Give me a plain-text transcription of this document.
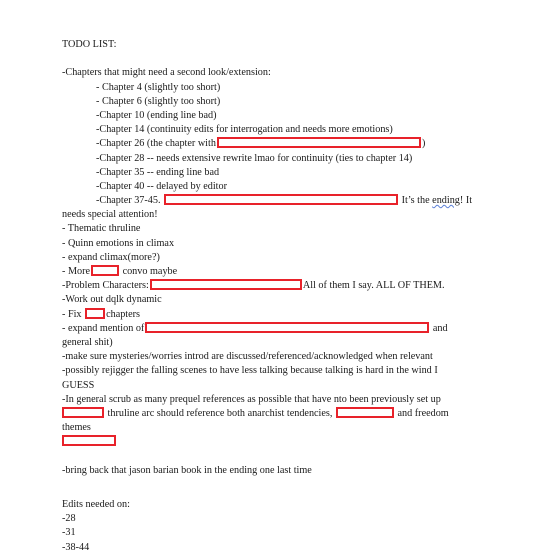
TODO LIST:
-Chapters that might need a second look/extension:
- Chapter 4 (slightly too short)
- Chapter 6 (slightly too short)
-Chapter 10 (ending line bad)
-Chapter 14 (continuity edits for interrogation and needs more emotions)
-Chapter 26 (the chapter with	)
-Chapter 28 -- needs extensive rewrite lmao for continuity (ties to chapter 14)
-Chapter 35 -- ending line bad
-Chapter 40 -- delayed by editor
-Chapter 37-45.	It’s the ending! It
needs special attention!
- Thematic thruline
- Quinn emotions in climax
- expand climax(more?)
- More	convo maybe
-Problem Characters:	All of them I say. ALL OF THEM.
-Work out dqlk dynamic
- Fix chapters
- expand mention of	and
general shit)
-make sure mysteries/worries introd are discussed/referenced/acknowledged when relevant
-possibly rejigger the falling scenes to have less talking because talking is hard in the wind I
GUESS
-In general scrub as many prequel references as possible that have nto been previously set up
thruline arc should reference both anarchist tendencies,	and freedom
themes
-bring back that jason barian book in the ending one last time
Edits needed on:
-28
-31
-38-44
